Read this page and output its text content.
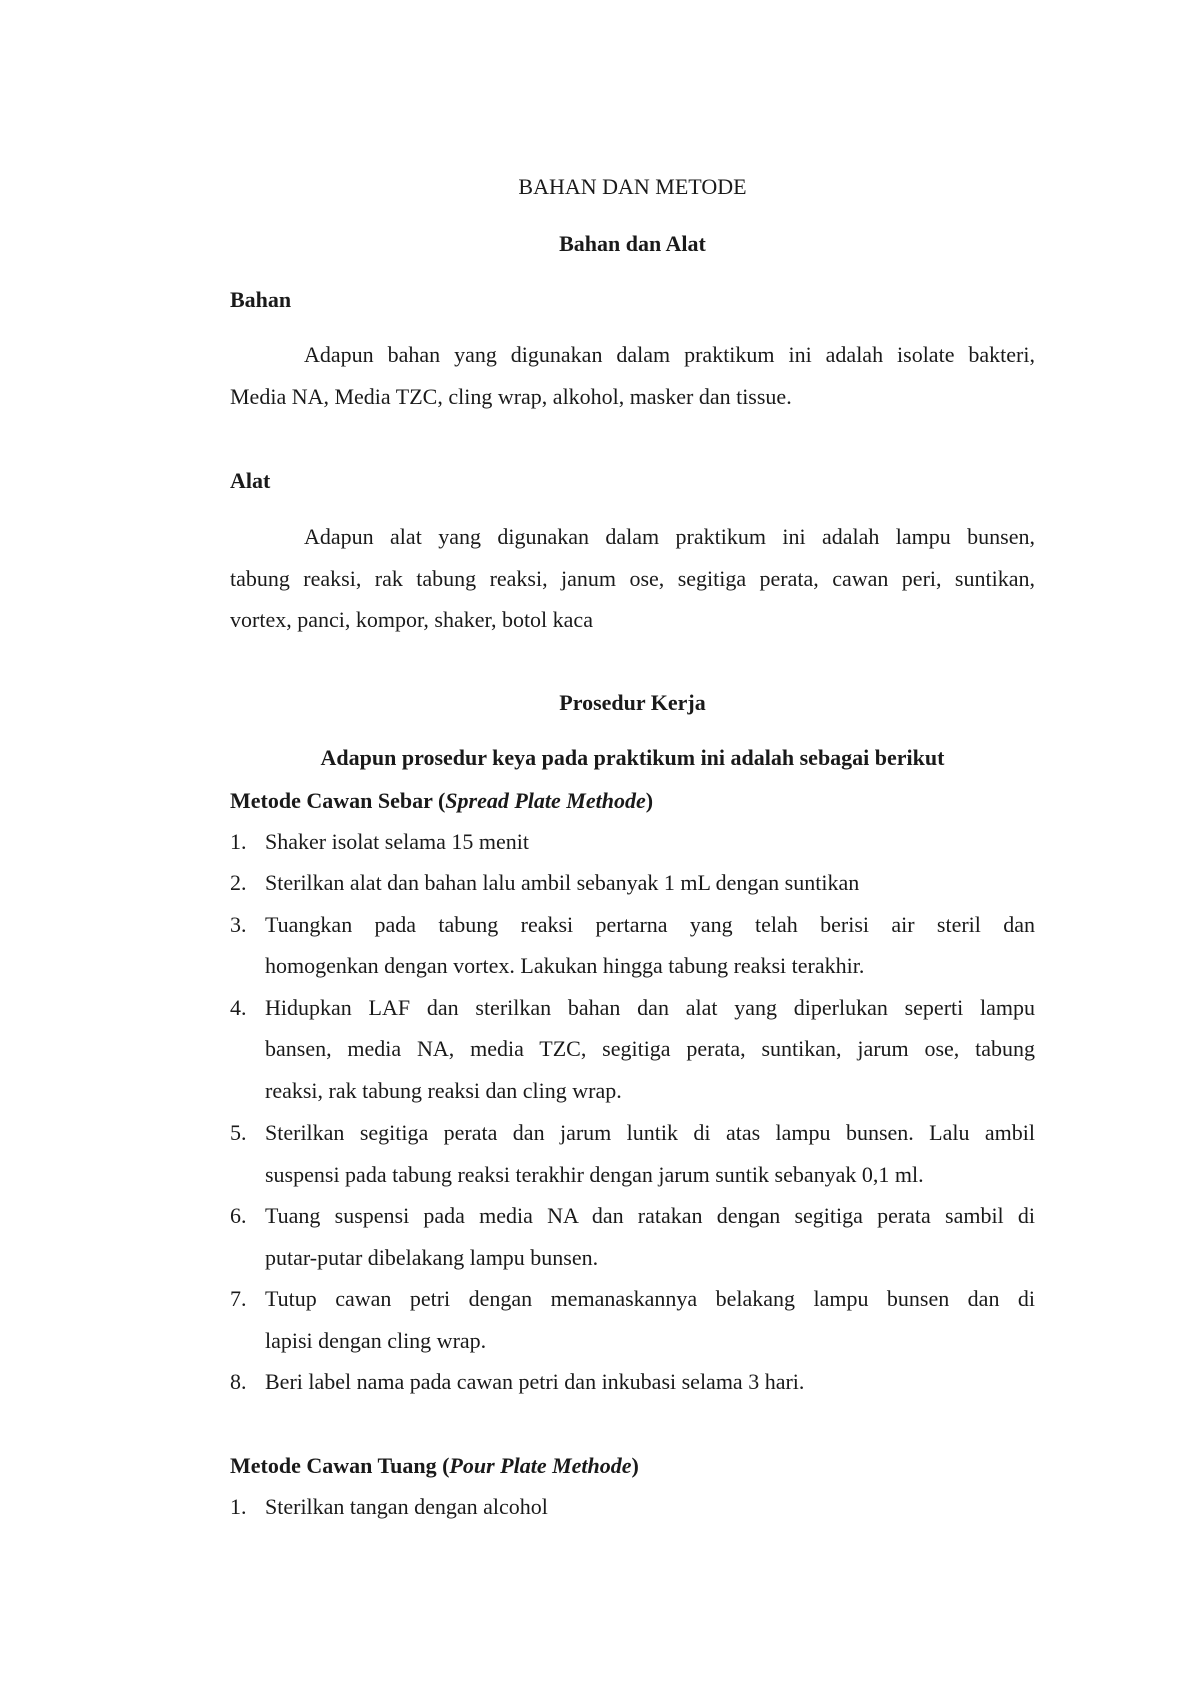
BAHAN DAN METODE
Bahan dan Alat
Bahan
Adapun bahan yang digunakan dalam praktikum ini adalah isolate bakteri,
Media NA, Media TZC, cling wrap, alkohol, masker dan tissue.
Alat
Adapun alat yang digunakan dalam praktikum ini adalah lampu bunsen,
tabung reaksi, rak tabung reaksi, janum ose, segitiga perata, cawan peri, suntikan,
vortex, panci, kompor, shaker, botol kaca
Prosedur Kerja
Adapun prosedur keya pada praktikum ini adalah sebagai berikut
Metode Cawan Sebar (Spread Plate Methode)
1. Shaker isolat selama 15 menit
2. Sterilkan alat dan bahan lalu ambil sebanyak 1 mL dengan suntikan
3. Tuangkan pada tabung reaksi pertarna yang telah berisi air steril dan
homogenkan dengan vortex. Lakukan hingga tabung reaksi terakhir.
4. Hidupkan LAF dan sterilkan bahan dan alat yang diperlukan seperti lampu
bansen, media NA, media TZC, segitiga perata, suntikan, jarum ose, tabung
reaksi, rak tabung reaksi dan cling wrap.
5. Sterilkan segitiga perata dan jarum luntik di atas lampu bunsen. Lalu ambil
suspensi pada tabung reaksi terakhir dengan jarum suntik sebanyak 0,1 ml.
6. Tuang suspensi pada media NA dan ratakan dengan segitiga perata sambil di
putar-putar dibelakang lampu bunsen.
7. Tutup cawan petri dengan memanaskannya belakang lampu bunsen dan di
lapisi dengan cling wrap.
8. Beri label nama pada cawan petri dan inkubasi selama 3 hari.
Metode Cawan Tuang (Pour Plate Methode)
1. Sterilkan tangan dengan alcohol
